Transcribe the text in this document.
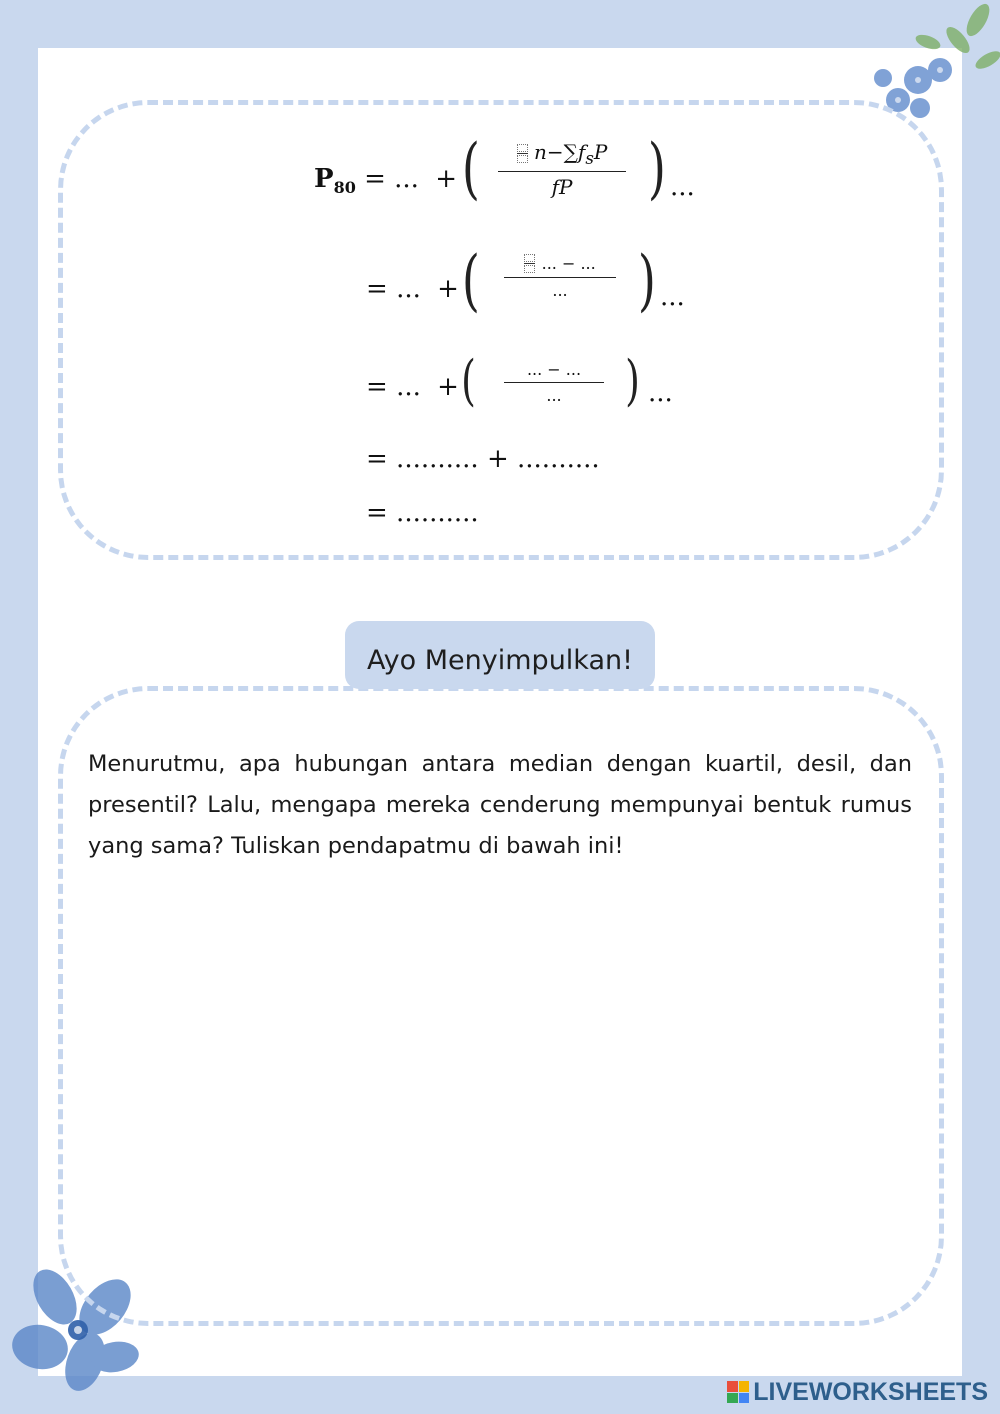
$P_{80}$ = ... + (	$n-\sum f_sP$
fP	) ...
= ... + (	... − ...
...	) ...
= ... + (	... − ...
...	) ...
= .......... + ..........
= ..........
Ayo Menyimpulkan!
Menurutmu, apa hubungan antara median dengan kuartil, desil, dan presentil? Lalu, mengapa mereka cenderung mempunyai bentuk rumus yang sama? Tuliskan pendapatmu di bawah ini!
LIVEWORKSHEETS
